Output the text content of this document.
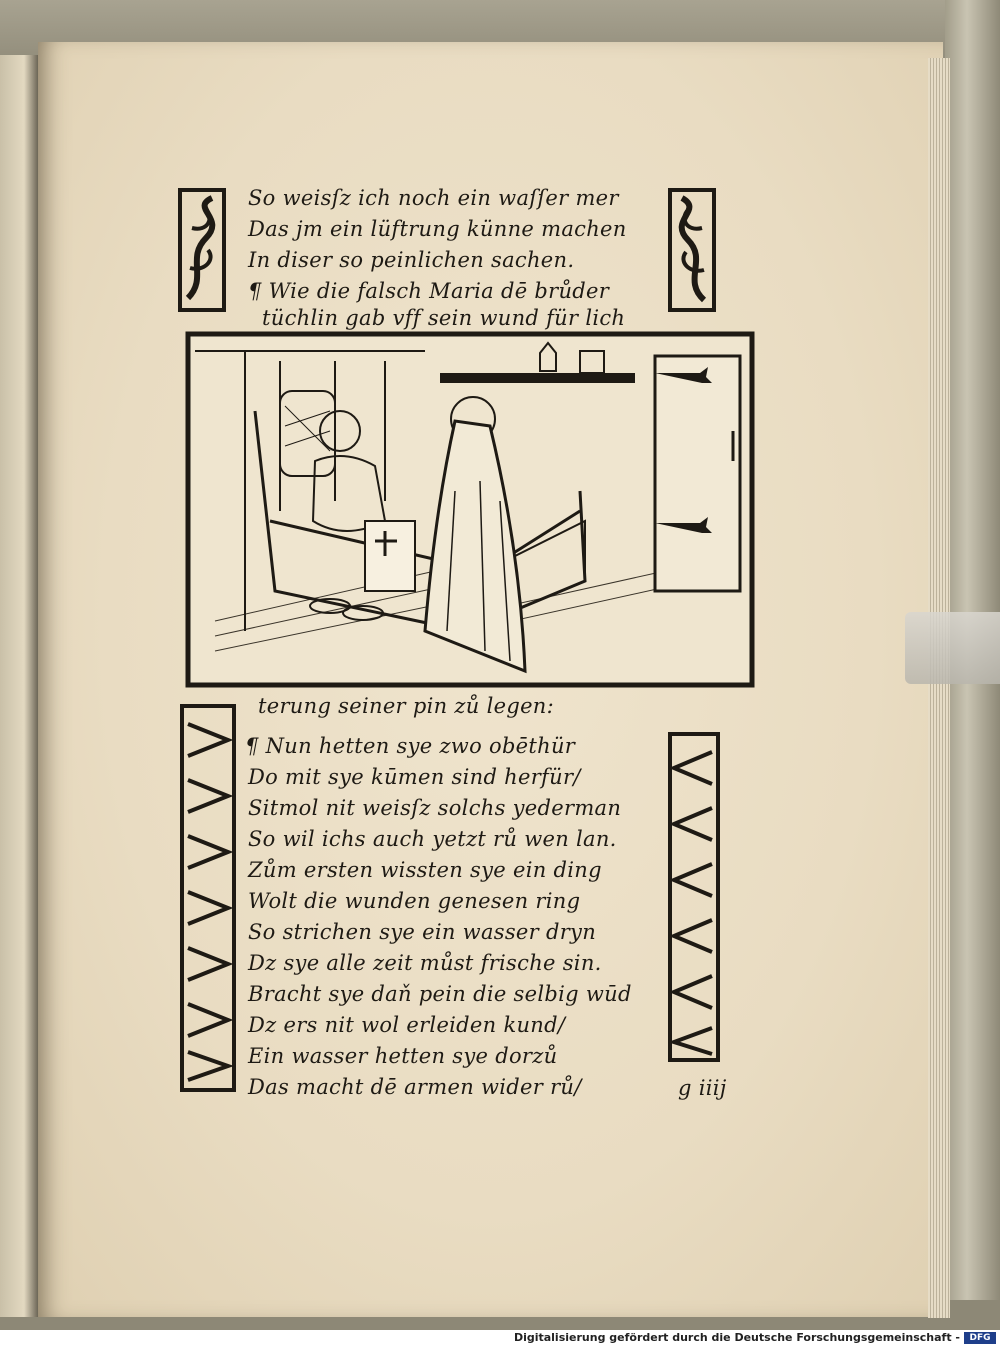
So weisſz ich noch ein waſſer mer
Das jm ein lüftrung künne machen
In diser so peinlichen sachen.
¶ Wie die falsch Maria dē brůder
tüchlin gab vff sein wund für lich
terung seiner pin zů legen:
¶ Nun hetten sye zwo obēthür
Do mit sye kūmen sind herfür/
Sitmol nit weisſz solchs yederman
So wil ichs auch yetzt rů wen lan.
Zům ersten wissten sye ein ding
Wolt die wunden genesen ring
So strichen sye ein wasser dryn
Dz sye alle zeit můst frische sin.
Bracht sye daň pein die selbig wūd
Dz ers nit wol erleiden kund/
Ein wasser hetten sye dorzů
Das macht dē armen wider rů/	g iiij
Digitalisierung gefördert durch die Deutsche Forschungsgemeinschaft -	DFG
